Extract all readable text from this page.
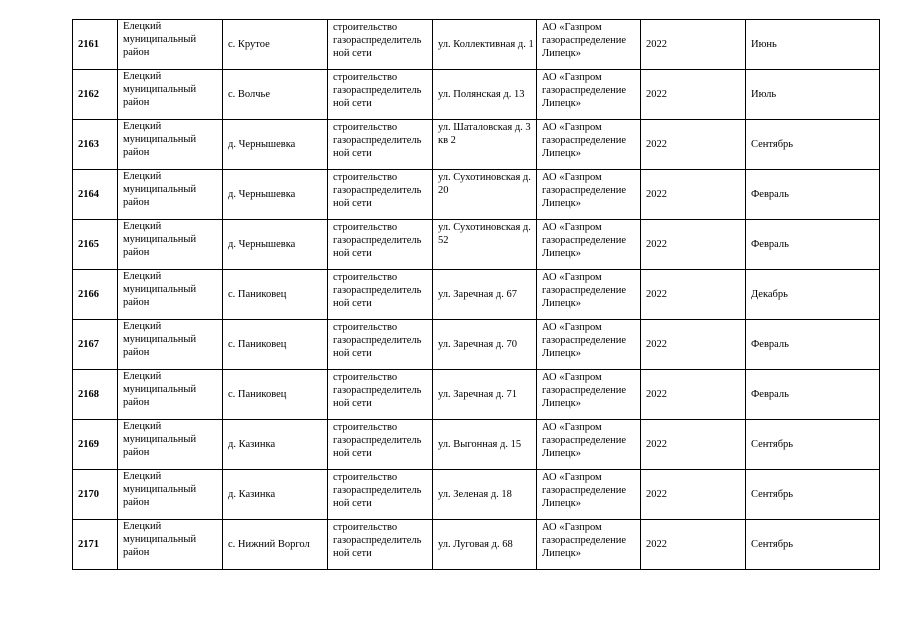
2161	Елецкий муниципальный район	с. Крутое	строительство газораспределитель ной сети	ул. Коллективная д. 1	АО «Газпром газораспределение Липецк»	2022	Июнь
2162	Елецкий муниципальный район	с. Волчье	строительство газораспределитель ной сети	ул. Полянская д. 13	АО «Газпром газораспределение Липецк»	2022	Июль
2163	Елецкий муниципальный район	д. Чернышевка	строительство газораспределитель ной сети	ул. Шаталовская д. 3 кв 2	АО «Газпром газораспределение Липецк»	2022	Сентябрь
2164	Елецкий муниципальный район	д. Чернышевка	строительство газораспределитель ной сети	ул. Сухотиновская д. 20	АО «Газпром газораспределение Липецк»	2022	Февраль
2165	Елецкий муниципальный район	д. Чернышевка	строительство газораспределитель ной сети	ул. Сухотиновская д. 52	АО «Газпром газораспределение Липецк»	2022	Февраль
2166	Елецкий муниципальный район	с. Паниковец	строительство газораспределитель ной сети	ул. Заречная д. 67	АО «Газпром газораспределение Липецк»	2022	Декабрь
2167	Елецкий муниципальный район	с. Паниковец	строительство газораспределитель ной сети	ул. Заречная д. 70	АО «Газпром газораспределение Липецк»	2022	Февраль
2168	Елецкий муниципальный район	с. Паниковец	строительство газораспределитель ной сети	ул. Заречная д. 71	АО «Газпром газораспределение Липецк»	2022	Февраль
2169	Елецкий муниципальный район	д. Казинка	строительство газораспределитель ной сети	ул. Выгонная д. 15	АО «Газпром газораспределение Липецк»	2022	Сентябрь
2170	Елецкий муниципальный район	д. Казинка	строительство газораспределитель ной сети	ул. Зеленая д. 18	АО «Газпром газораспределение Липецк»	2022	Сентябрь
2171	Елецкий муниципальный район	с. Нижний Воргол	строительство газораспределитель ной сети	ул. Луговая д. 68	АО «Газпром газораспределение Липецк»	2022	Сентябрь
